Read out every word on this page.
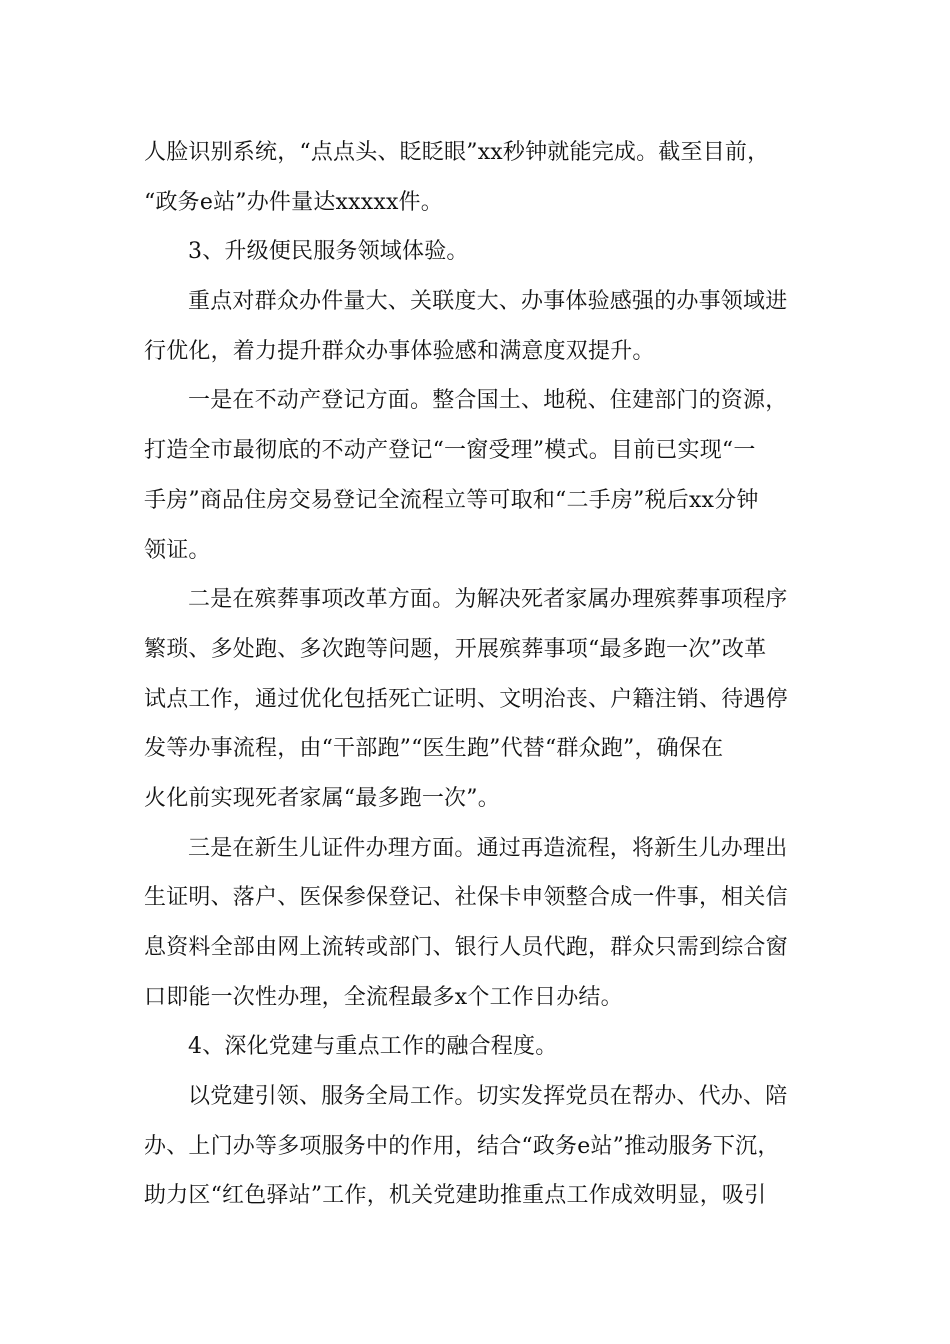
人脸识别系统，“点点头、眨眨眼”xx秒钟就能完成。截至目前，
“政务e站”办件量达xxxxx件。
3、升级便民服务领域体验。
重点对群众办件量大、关联度大、办事体验感强的办事领域进
行优化，着力提升群众办事体验感和满意度双提升。
一是在不动产登记方面。整合国土、地税、住建部门的资源，
打造全市最彻底的不动产登记“一窗受理”模式。目前已实现“一
手房”商品住房交易登记全流程立等可取和“二手房”税后xx分钟
领证。
二是在殡葬事项改革方面。为解决死者家属办理殡葬事项程序
繁琐、多处跑、多次跑等问题，开展殡葬事项“最多跑一次”改革
试点工作，通过优化包括死亡证明、文明治丧、户籍注销、待遇停
发等办事流程，由“干部跑”“医生跑”代替“群众跑”，确保在
火化前实现死者家属“最多跑一次”。
三是在新生儿证件办理方面。通过再造流程，将新生儿办理出
生证明、落户、医保参保登记、社保卡申领整合成一件事，相关信
息资料全部由网上流转或部门、银行人员代跑，群众只需到综合窗
口即能一次性办理，全流程最多x个工作日办结。
4、深化党建与重点工作的融合程度。
以党建引领、服务全局工作。切实发挥党员在帮办、代办、陪
办、上门办等多项服务中的作用，结合“政务e站”推动服务下沉，
助力区“红色驿站”工作，机关党建助推重点工作成效明显，吸引
